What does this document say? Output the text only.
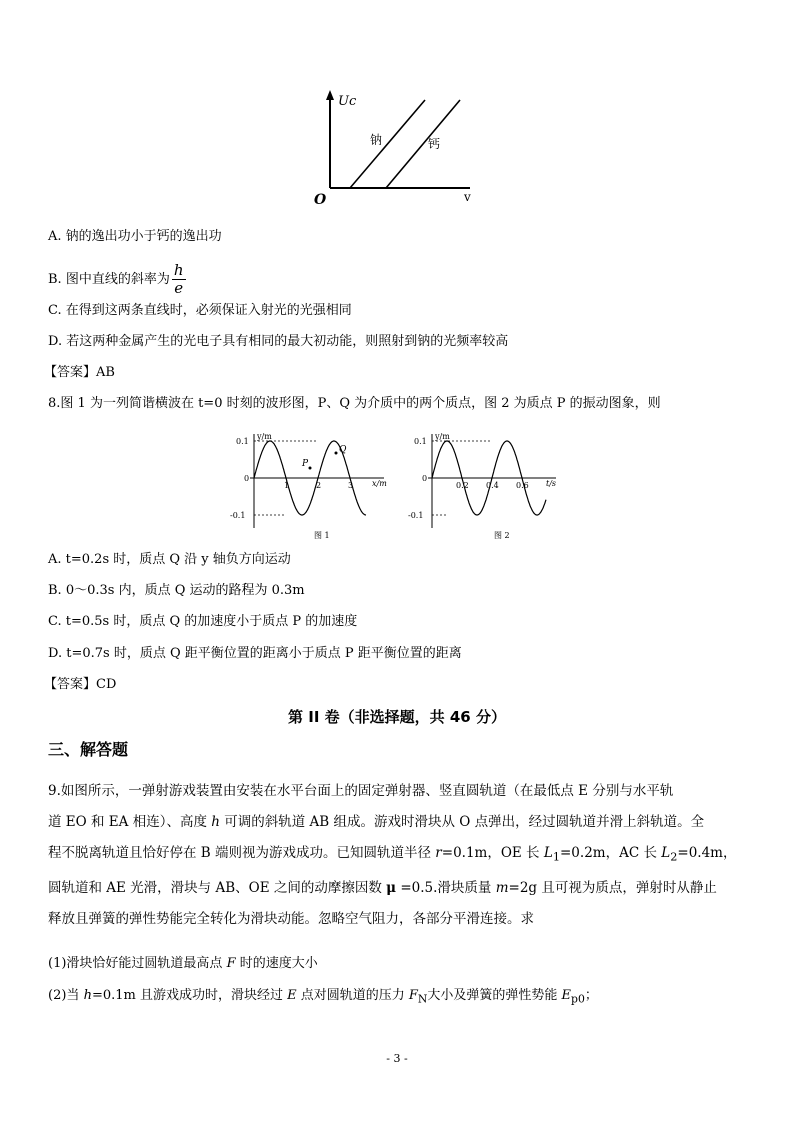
Uc
O	v
钠	钙
A. 钠的逸出功小于钙的逸出功
B. 图中直线的斜率为 $\frac{h}{e}$
C. 在得到这两条直线时，必须保证入射光的光强相同
D. 若这两种金属产生的光电子具有相同的最大初动能，则照射到钠的光频率较高
【答案】AB
8.图 1 为一列简谐横波在 t=0 时刻的波形图，P、Q 为介质中的两个质点，图 2 为质点 P 的振动图象，则
y/m
x/m
0.1
0
-0.1
1	2	3
P
Q
图 1
y/m
t/s
0.1
0
-0.1
0.2 0.4 0.6
图 2
A. t=0.2s 时，质点 Q 沿 y 轴负方向运动
B. 0～0.3s 内，质点 Q 运动的路程为 0.3m
C. t=0.5s 时，质点 Q 的加速度小于质点 P 的加速度
D. t=0.7s 时，质点 Q 距平衡位置的距离小于质点 P 距平衡位置的距离
【答案】CD
第 II 卷（非选择题，共 46 分）
三、解答题
9.如图所示，一弹射游戏装置由安装在水平台面上的固定弹射器、竖直圆轨道（在最低点 E 分别与水平轨
道 EO 和 EA 相连）、高度 h 可调的斜轨道 AB 组成。游戏时滑块从 O 点弹出，经过圆轨道并滑上斜轨道。全
程不脱离轨道且恰好停在 B 端则视为游戏成功。已知圆轨道半径 r=0.1m，OE 长 $L_1=0.2m$，AC 长 $L_2=0.4m$，
圆轨道和 AE 光滑，滑块与 AB、OE 之间的动摩擦因数 μ =0.5.滑块质量 m=2g 且可视为质点，弹射时从静止
释放且弹簧的弹性势能完全转化为滑块动能。忽略空气阻力，各部分平滑连接。求
(1)滑块恰好能过圆轨道最高点 F 时的速度大小
(2)当 h=0.1m 且游戏成功时，滑块经过 E 点对圆轨道的压力 $F_N$大小及弹簧的弹性势能 $E_{p0}$；
- 3 -
